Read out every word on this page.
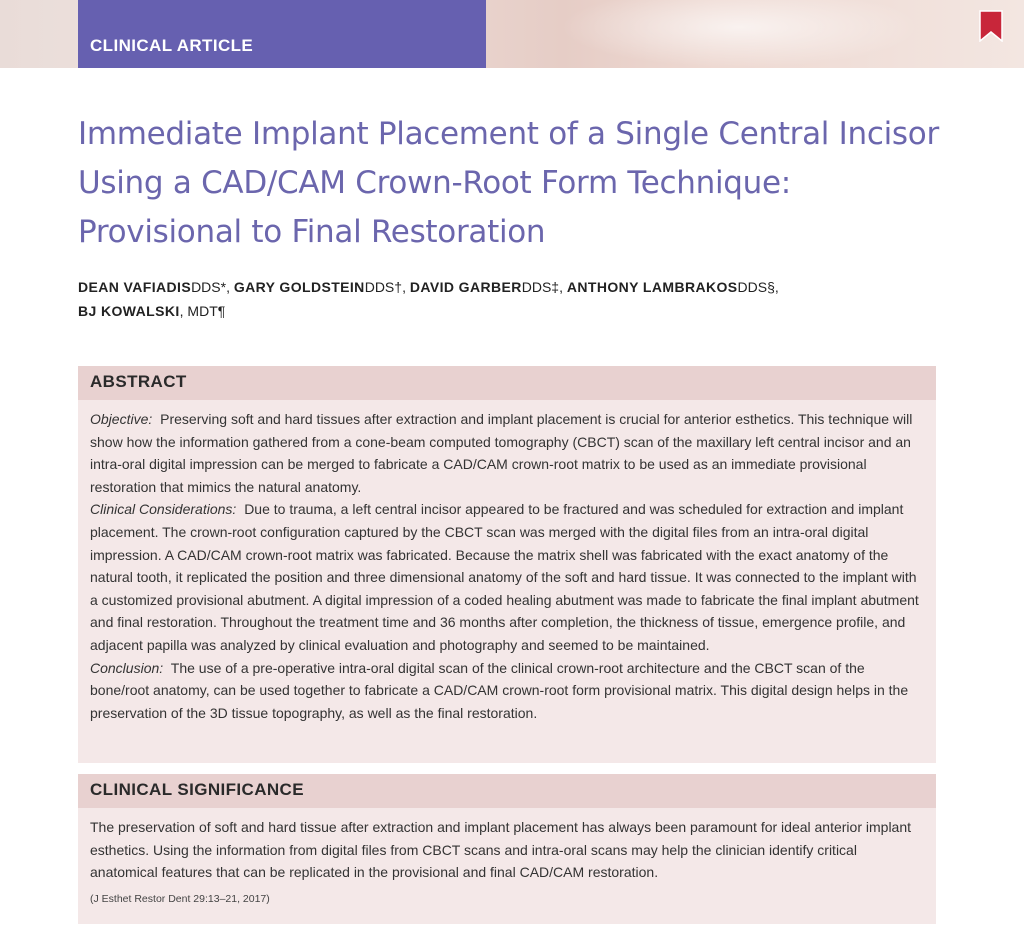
CLINICAL ARTICLE
Immediate Implant Placement of a Single Central Incisor
Using a CAD/CAM Crown-Root Form Technique:
Provisional to Final Restoration
DEAN VAFIADISDDS*, GARY GOLDSTEINDDS†, DAVID GARBERDDS‡, ANTHONY LAMBRAKOSDDS§,
BJ KOWALSKI, MDT¶
ABSTRACT

Objective: Preserving soft and hard tissues after extraction and implant placement is crucial for anterior esthetics. This technique will show how the information gathered from a cone-beam computed tomography (CBCT) scan of the maxillary left central incisor and an intra-oral digital impression can be merged to fabricate a CAD/CAM crown-root matrix to be used as an immediate provisional restoration that mimics the natural anatomy.

Clinical Considerations: Due to trauma, a left central incisor appeared to be fractured and was scheduled for extraction and implant placement. The crown-root configuration captured by the CBCT scan was merged with the digital files from an intra-oral digital impression. A CAD/CAM crown-root matrix was fabricated. Because the matrix shell was fabricated with the exact anatomy of the natural tooth, it replicated the position and three dimensional anatomy of the soft and hard tissue. It was connected to the implant with a customized provisional abutment. A digital impression of a coded healing abutment was made to fabricate the final implant abutment and final restoration. Throughout the treatment time and 36 months after completion, the thickness of tissue, emergence profile, and adjacent papilla was analyzed by clinical evaluation and photography and seemed to be maintained.

Conclusion: The use of a pre-operative intra-oral digital scan of the clinical crown-root architecture and the CBCT scan of the bone/root anatomy, can be used together to fabricate a CAD/CAM crown-root form provisional matrix. This digital design helps in the preservation of the 3D tissue topography, as well as the final restoration.

CLINICAL SIGNIFICANCE

The preservation of soft and hard tissue after extraction and implant placement has always been paramount for ideal anterior implant esthetics. Using the information from digital files from CBCT scans and intra-oral scans may help the clinician identify critical anatomical features that can be replicated in the provisional and final CAD/CAM restoration.

(J Esthet Restor Dent 29:13–21, 2017)
